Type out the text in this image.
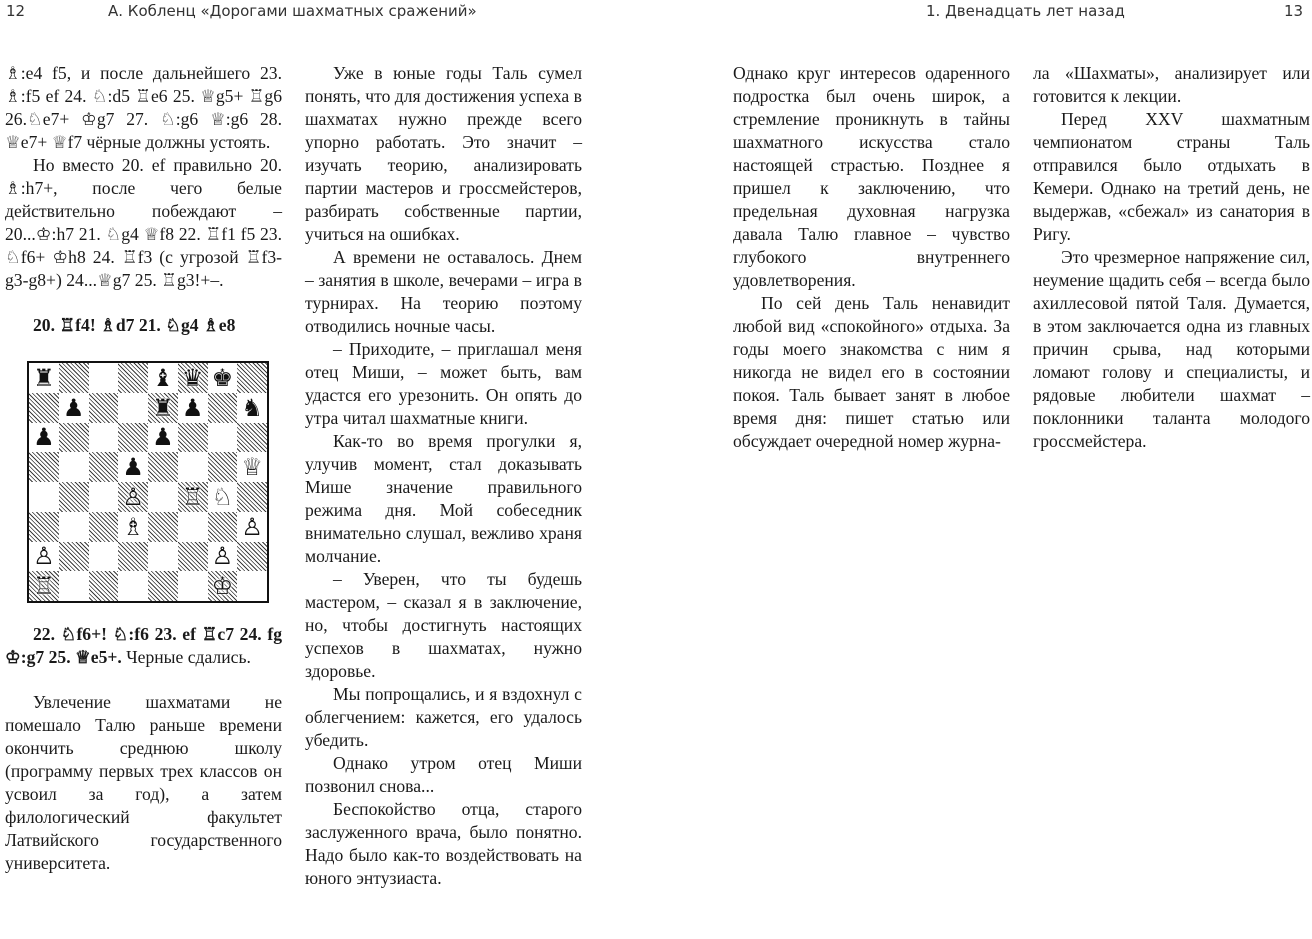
12	А. Кобленц «Дорогами шахматных сражений»

♗:e4 f5, и после дальнейшего 23. ♗:f5 ef 24. ♘:d5 ♖e6 25. ♕g5+ ♖g6 26.♘e7+ ♔g7 27. ♘:g6 ♕:g6 28. ♕e7+ ♕f7 чёрные должны устоять.

Но вместо 20. ef правильно 20. ♗:h7+, после чего белые действительно побеждают – 20...♔:h7 21. ♘g4 ♕f8 22. ♖f1 f5 23. ♘f6+ ♔h8 24. ♖f3 (с угрозой ♖f3-g3-g8+) 24...♕g7 25. ♖g3!+–.

20. ♖f4! ♗d7 21. ♘g4 ♗e8

♜	♝ ♛ ♚
♟	♜ ♟ ♞
♟	♟
♟	♕
♙ ♖ ♘
♗	♙
♙	♙
♖	♔

22. ♘f6+! ♘:f6 23. ef ♖c7 24. fg ♔:g7 25. ♕e5+. Черные сдались.

Увлечение шахматами не помешало Талю раньше времени окончить среднюю школу (программу первых трех классов он усвоил за год), а затем филологический факультет Латвийского государственного университета.

Уже в юные годы Таль сумел понять, что для достижения успеха в шахматах нужно прежде всего упорно работать. Это значит – изучать теорию, анализировать партии мастеров и гроссмейстеров, разбирать собственные партии, учиться на ошибках.

А времени не оставалось. Днем – занятия в школе, вечерами – игра в турнирах. На теорию поэтому отводились ночные часы.

– Приходите, – приглашал меня отец Миши, – может быть, вам удастся его урезонить. Он опять до утра читал шахматные книги.

Как-то во время прогулки я, улучив момент, стал доказывать Мише значение правильного режима дня. Мой собеседник внимательно слушал, вежливо храня молчание.

– Уверен, что ты будешь мастером, – сказал я в заключение, но, чтобы достигнуть настоящих успехов в шахматах, нужно здоровье.

Мы попрощались, и я вздохнул с облегчением: кажется, его удалось убедить.

Однако утром отец Миши позвонил снова...

Беспокойство отца, старого заслуженного врача, было понятно. Надо было как-то воздействовать на юного энтузиаста.

1. Двенадцать лет назад	13

Однако круг интересов одаренного подростка был очень широк, а стремление проникнуть в тайны шахматного искусства стало настоящей страстью. Позднее я пришел к заключению, что предельная духовная нагрузка давала Талю главное – чувство глубокого внутреннего удовлетворения.

По сей день Таль ненавидит любой вид «спокойного» отдыха. За годы моего знакомства с ним я никогда не видел его в состоянии покоя. Таль бывает занят в любое время дня: пишет статью или обсуждает очередной номер журна-

ла «Шахматы», анализирует или готовится к лекции.

Перед XXV шахматным чемпионатом страны Таль отправился было отдыхать в Кемери. Однако на третий день, не выдержав, «сбежал» из санатория в Ригу.

Это чрезмерное напряжение сил, неумение щадить себя – всегда было ахиллесовой пятой Таля. Думается, в этом заключается одна из главных причин срыва, над которыми ломают голову и специалисты, и рядовые любители шахмат – поклонники таланта молодого гроссмейстера.
